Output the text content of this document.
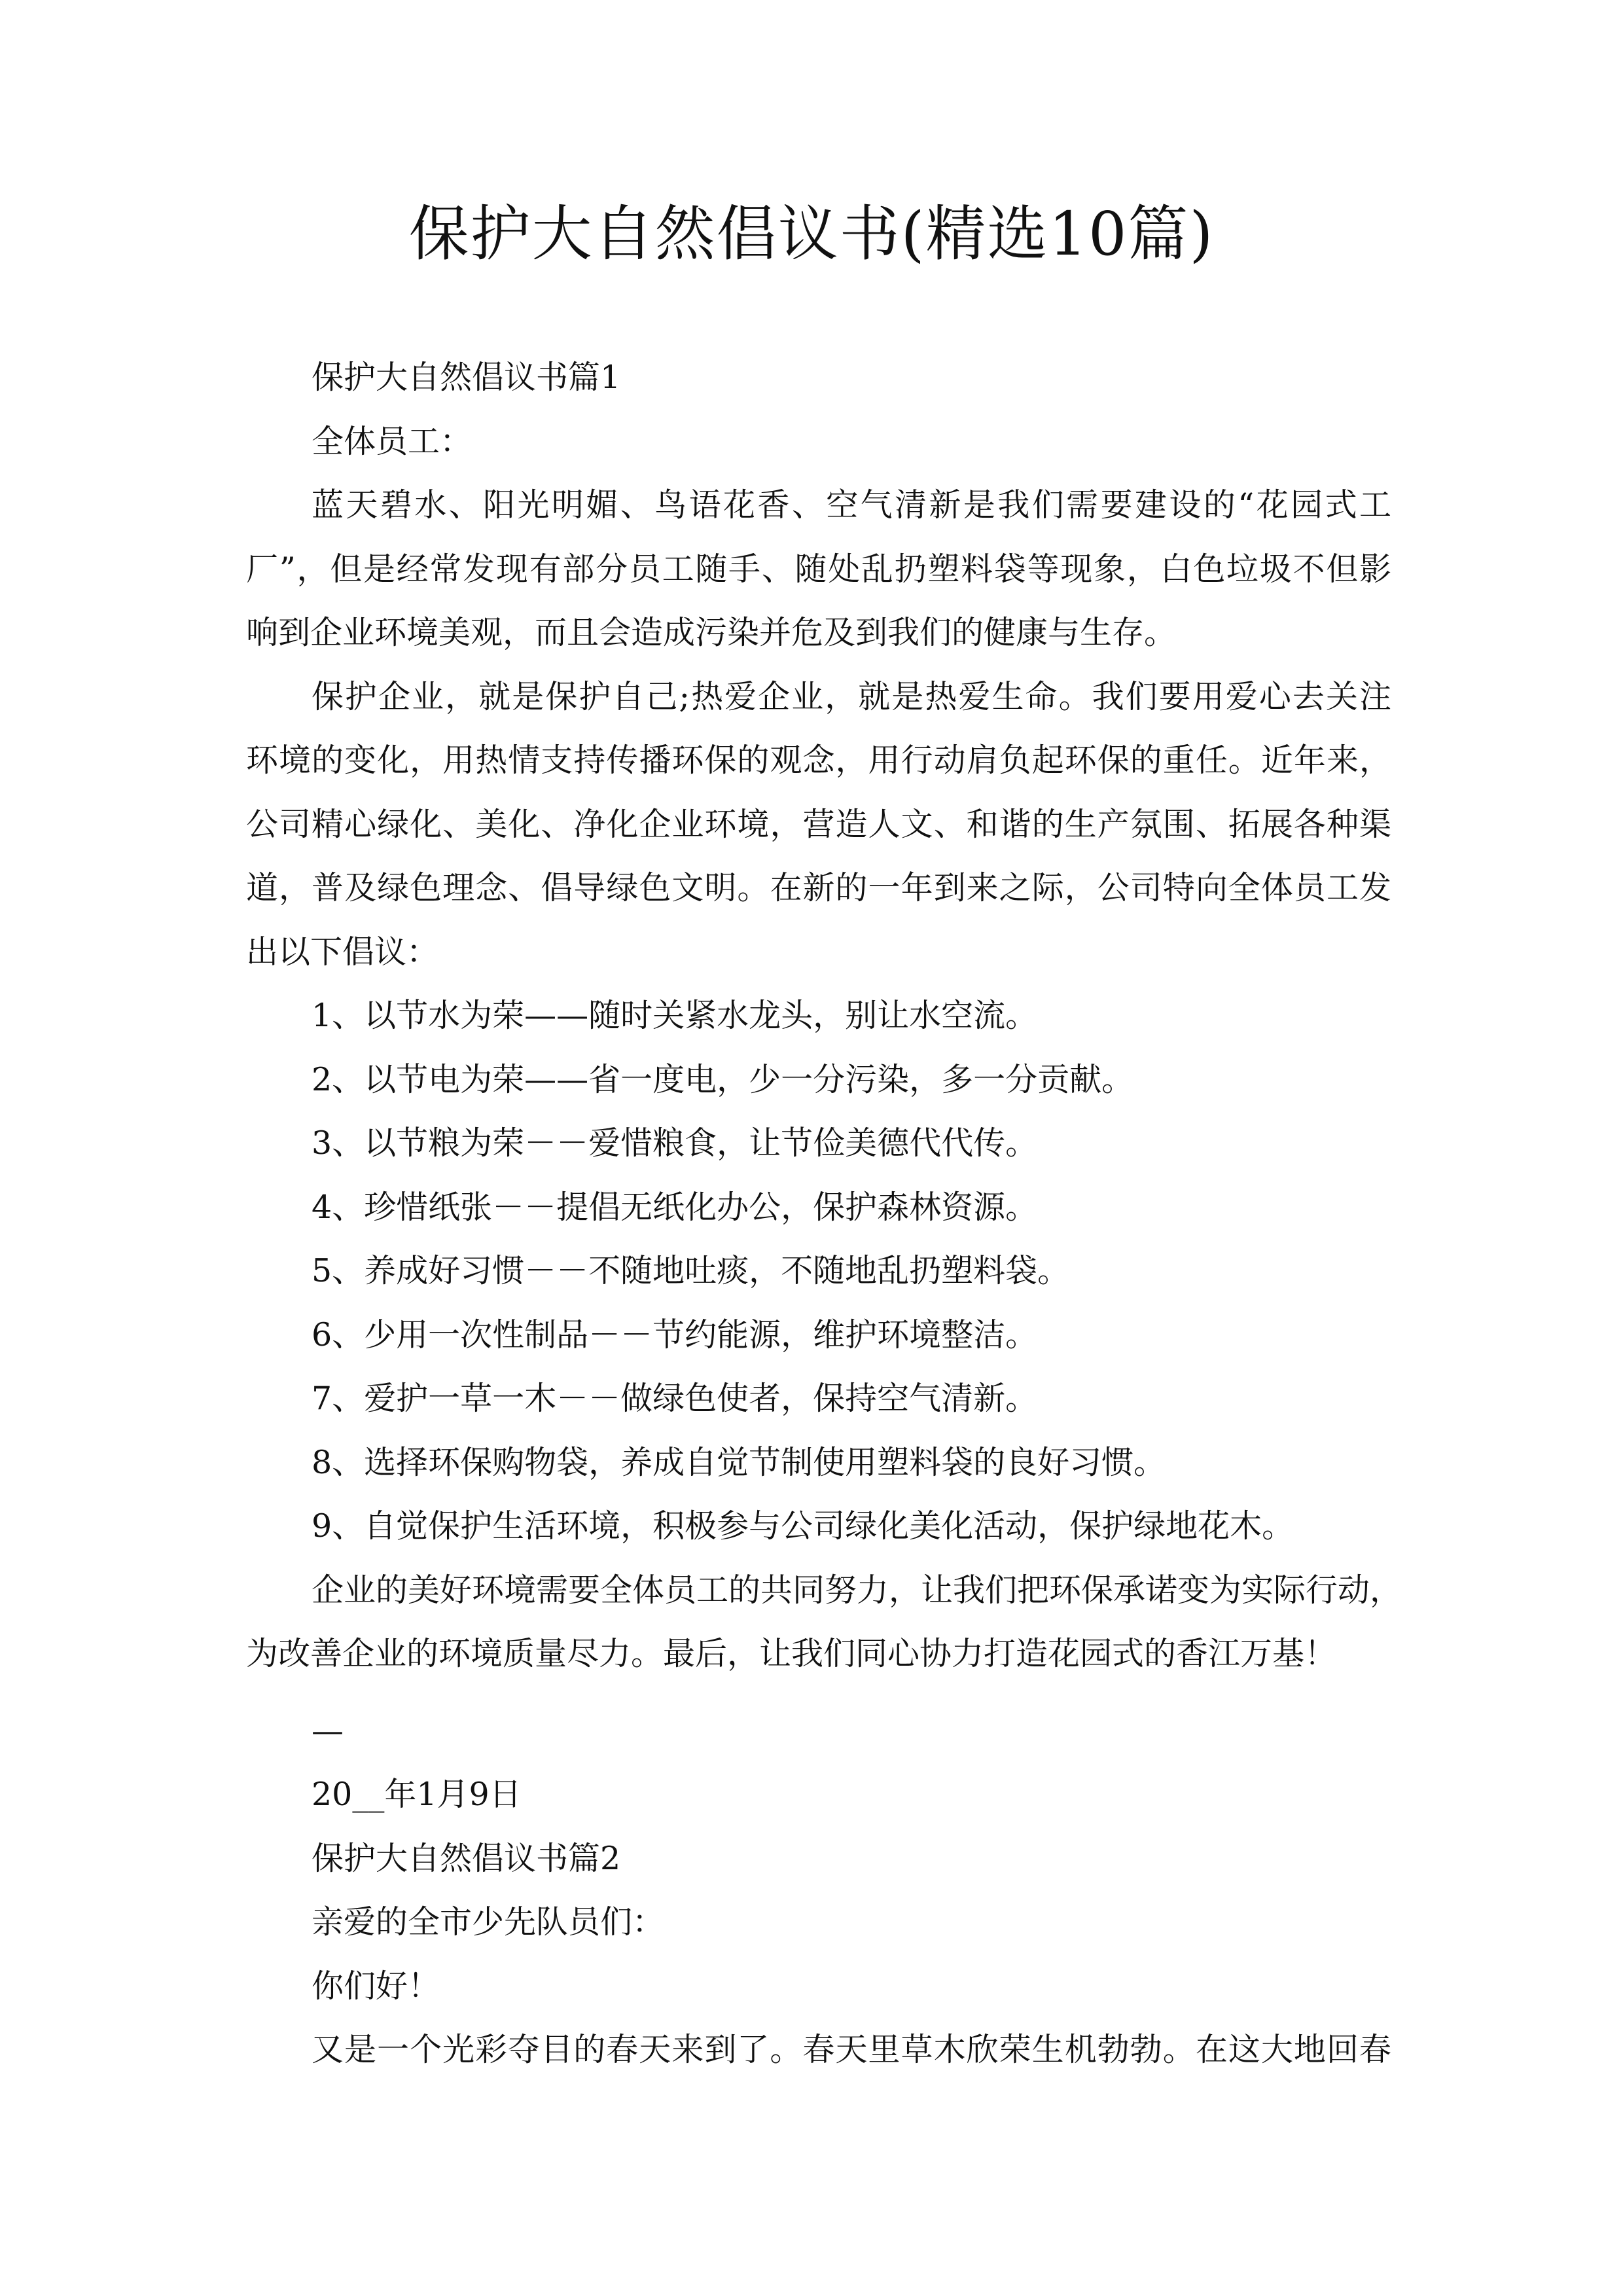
保护大自然倡议书(精选10篇)
保护大自然倡议书篇1
全体员工：
蓝天碧水、阳光明媚、鸟语花香、空气清新是我们需要建设的“花园式工
厂”，但是经常发现有部分员工随手、随处乱扔塑料袋等现象，白色垃圾不但影
响到企业环境美观，而且会造成污染并危及到我们的健康与生存。
保护企业，就是保护自己;热爱企业，就是热爱生命。我们要用爱心去关注
环境的变化，用热情支持传播环保的观念，用行动肩负起环保的重任。近年来，
公司精心绿化、美化、净化企业环境，营造人文、和谐的生产氛围、拓展各种渠
道，普及绿色理念、倡导绿色文明。在新的一年到来之际，公司特向全体员工发
出以下倡议：
1、以节水为荣——随时关紧水龙头，别让水空流。
2、以节电为荣——省一度电，少一分污染，多一分贡献。
3、以节粮为荣－－爱惜粮食，让节俭美德代代传。
4、珍惜纸张－－提倡无纸化办公，保护森林资源。
5、养成好习惯－－不随地吐痰，不随地乱扔塑料袋。
6、少用一次性制品－－节约能源，维护环境整洁。
7、爱护一草一木－－做绿色使者，保持空气清新。
8、选择环保购物袋，养成自觉节制使用塑料袋的良好习惯。
9、自觉保护生活环境，积极参与公司绿化美化活动，保护绿地花木。
企业的美好环境需要全体员工的共同努力，让我们把环保承诺变为实际行动，
为改善企业的环境质量尽力。最后，让我们同心协力打造花园式的香江万基！
—
20__年1月9日
保护大自然倡议书篇2
亲爱的全市少先队员们：
你们好！
又是一个光彩夺目的春天来到了。春天里草木欣荣生机勃勃。在这大地回春
